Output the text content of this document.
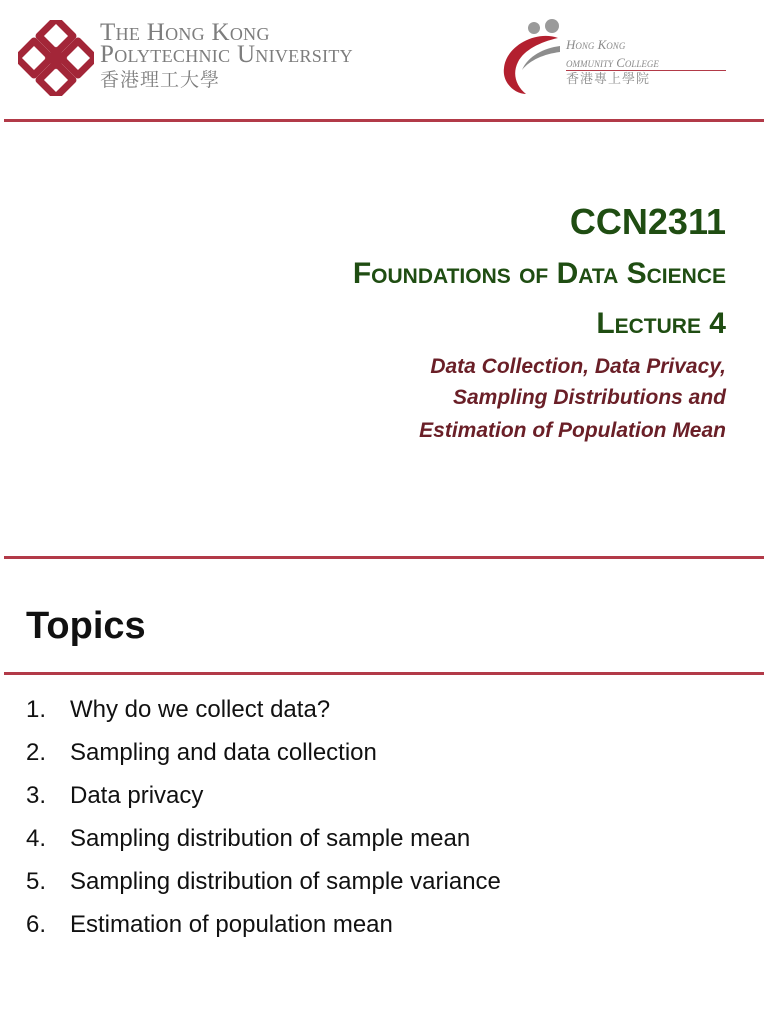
The Hong Kong
Polytechnic University
香港理工大學
Hong Kong
ommunity College
香港專上學院
CCN2311
Foundations of Data Science
Lecture 4
Data Collection, Data Privacy,
Sampling Distributions and
Estimation of Population Mean
Topics
1. Why do we collect data?
2. Sampling and data collection
3. Data privacy
4. Sampling distribution of sample mean
5. Sampling distribution of sample variance
6. Estimation of population mean
